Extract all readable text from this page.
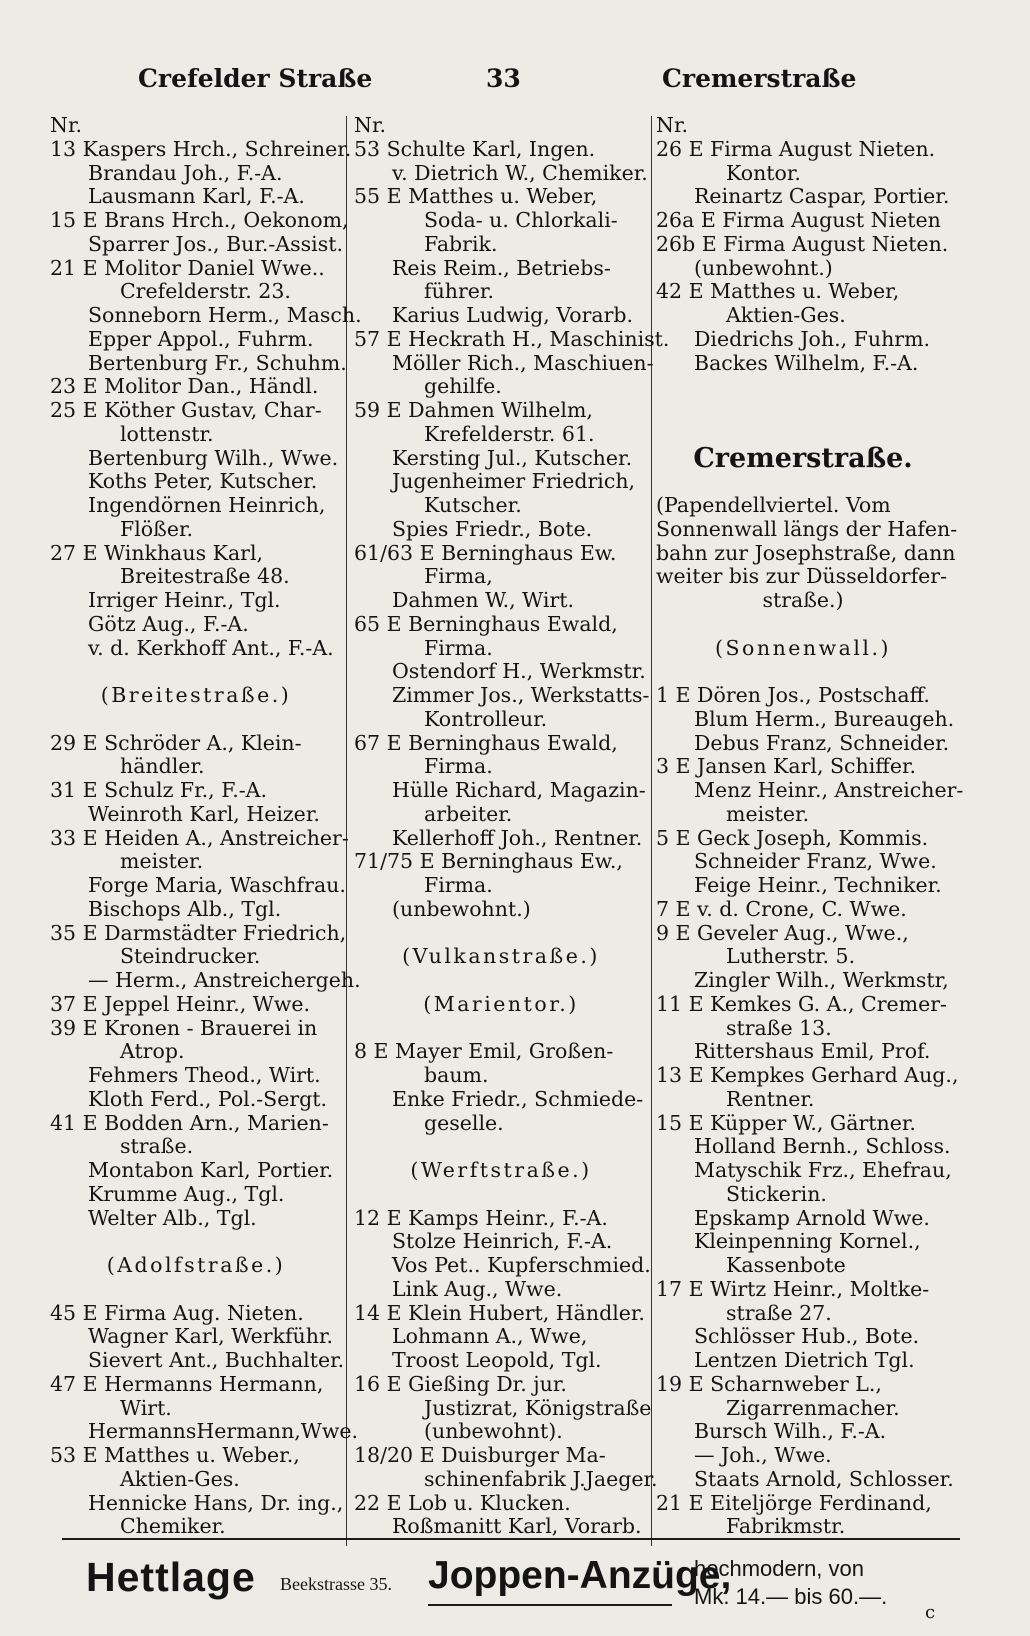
Crefelder Straße	33	Cremerstraße
Nr.
13 Kaspers Hrch., Schreiner.
Brandau Joh., F.-A.
Lausmann Karl, F.-A.
15 E Brans Hrch., Oekonom,
Sparrer Jos., Bur.-Assist.
21 E Molitor Daniel Wwe..
Crefelderstr. 23.
Sonneborn Herm., Masch.
Epper Appol., Fuhrm.
Bertenburg Fr., Schuhm.
23 E Molitor Dan., Händl.
25 E Köther Gustav, Char-
lottenstr.
Bertenburg Wilh., Wwe.
Koths Peter, Kutscher.
Ingendörnen Heinrich,
Flößer.
27 E Winkhaus Karl,
Breitestraße 48.
Irriger Heinr., Tgl.
Götz Aug., F.-A.
v. d. Kerkhoff Ant., F.-A.
(Breitestraße.)
29 E Schröder A., Klein-
händler.
31 E Schulz Fr., F.-A.
Weinroth Karl, Heizer.
33 E Heiden A., Anstreicher-
meister.
Forge Maria, Waschfrau.
Bischops Alb., Tgl.
35 E Darmstädter Friedrich,
Steindrucker.
— Herm., Anstreichergeh.
37 E Jeppel Heinr., Wwe.
39 E Kronen - Brauerei in
Atrop.
Fehmers Theod., Wirt.
Kloth Ferd., Pol.-Sergt.
41 E Bodden Arn., Marien-
straße.
Montabon Karl, Portier.
Krumme Aug., Tgl.
Welter Alb., Tgl.
(Adolfstraße.)
45 E Firma Aug. Nieten.
Wagner Karl, Werkführ.
Sievert Ant., Buchhalter.
47 E Hermanns Hermann,
Wirt.
HermannsHermann,Wwe.
53 E Matthes u. Weber.,
Aktien-Ges.
Hennicke Hans, Dr. ing.,
Chemiker.
Nr.
53 Schulte Karl, Ingen.
v. Dietrich W., Chemiker.
55 E Matthes u. Weber,
Soda- u. Chlorkali-
Fabrik.
Reis Reim., Betriebs-
führer.
Karius Ludwig, Vorarb.
57 E Heckrath H., Maschinist.
Möller Rich., Maschiuen-
gehilfe.
59 E Dahmen Wilhelm,
Krefelderstr. 61.
Kersting Jul., Kutscher.
Jugenheimer Friedrich,
Kutscher.
Spies Friedr., Bote.
61/63 E Berninghaus Ew.
Firma,
Dahmen W., Wirt.
65 E Berninghaus Ewald,
Firma.
Ostendorf H., Werkmstr.
Zimmer Jos., Werkstatts-
Kontrolleur.
67 E Berninghaus Ewald,
Firma.
Hülle Richard, Magazin-
arbeiter.
Kellerhoff Joh., Rentner.
71/75 E Berninghaus Ew.,
Firma.
(unbewohnt.)
(Vulkanstraße.)
(Marientor.)
8 E Mayer Emil, Großen-
baum.
Enke Friedr., Schmiede-
geselle.
(Werftstraße.)
12 E Kamps Heinr., F.-A.
Stolze Heinrich, F.-A.
Vos Pet.. Kupferschmied.
Link Aug., Wwe.
14 E Klein Hubert, Händler.
Lohmann A., Wwe,
Troost Leopold, Tgl.
16 E Gießing Dr. jur.
Justizrat, Königstraße
(unbewohnt).
18/20 E Duisburger Ma-
schinenfabrik J.Jaeger.
22 E Lob u. Klucken.
Roßmanitt Karl, Vorarb.
Nr.
26 E Firma August Nieten.
Kontor.
Reinartz Caspar, Portier.
26a E Firma August Nieten
26b E Firma August Nieten.
(unbewohnt.)
42 E Matthes u. Weber,
Aktien-Ges.
Diedrichs Joh., Fuhrm.
Backes Wilhelm, F.-A.
Cremerstraße.
(Papendellviertel. Vom
Sonnenwall längs der Hafen-
bahn zur Josephstraße, dann
weiter bis zur Düsseldorfer-
straße.)
(Sonnenwall.)
1 E Dören Jos., Postschaff.
Blum Herm., Bureaugeh.
Debus Franz, Schneider.
3 E Jansen Karl, Schiffer.
Menz Heinr., Anstreicher-
meister.
5 E Geck Joseph, Kommis.
Schneider Franz, Wwe.
Feige Heinr., Techniker.
7 E v. d. Crone, C. Wwe.
9 E Geveler Aug., Wwe.,
Lutherstr. 5.
Zingler Wilh., Werkmstr,
11 E Kemkes G. A., Cremer-
straße 13.
Rittershaus Emil, Prof.
13 E Kempkes Gerhard Aug.,
Rentner.
15 E Küpper W., Gärtner.
Holland Bernh., Schloss.
Matyschik Frz., Ehefrau,
Stickerin.
Epskamp Arnold Wwe.
Kleinpenning Kornel.,
Kassenbote
17 E Wirtz Heinr., Moltke-
straße 27.
Schlösser Hub., Bote.
Lentzen Dietrich Tgl.
19 E Scharnweber L.,
Zigarrenmacher.
Bursch Wilh., F.-A.
— Joh., Wwe.
Staats Arnold, Schlosser.
21 E Eiteljörge Ferdinand,
Fabrikmstr.
Hettlage Beekstrasse 35. Joppen-Anzüge,
hochmodern, von
Mk. 14.— bis 60.—.
c
